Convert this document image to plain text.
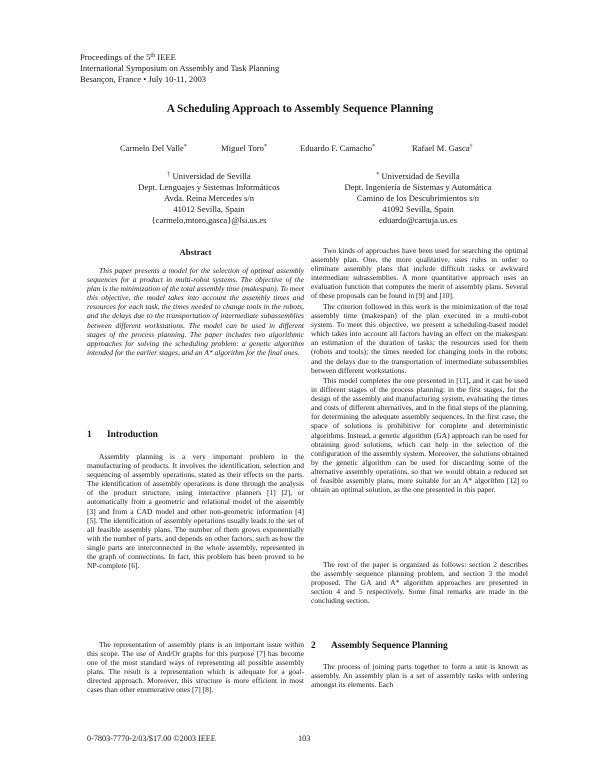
Proceedings of the 5th IEEE
International Symposium on Assembly and Task Planning
Besançon, France • July 10-11, 2003
A Scheduling Approach to Assembly Sequence Planning
Carmelo Del Valle*	Miguel Toro*	Eduardo F. Camacho*	Rafael M. Gasca†
† Universidad de Sevilla
Dept. Lenguajes y Sistemas Informáticos
Avda. Reina Mercedes s/n
41012 Sevilla, Spain
{carmelo,mtoro,gasca}@lsi.us.es
* Universidad de Sevilla
Dept. Ingeniería de Sistemas y Automática
Camino de los Descubrimientos s/n
41092 Sevilla, Spain
eduardo@cartuja.us.es
Abstract

This paper presents a model for the selection of optimal assembly sequences for a product in multi-robot systems. The objective of the plan is the minimization of the total assembly time (makespan). To meet this objective, the model takes into account the assembly times and resources for each task, the times needed to change tools in the robots, and the delays due to the transportation of intermediate subassemblies between different workstations. The model can be used in different stages of the process planning. The paper includes two algorithmic approaches for solving the scheduling problem: a genetic algorithm intended for the earlier stages, and an A* algorithm for the final ones.

1 Introduction

Assembly planning is a very important problem in the manufacturing of products. It involves the identification, selection and sequencing of assembly operations, stated as their effects on the parts. The identification of assembly operations is done through the analysis of the product structure, using interactive planners [1] [2], or automatically from a geometric and relational model of the assembly [3] and from a CAD model and other non-geometric information [4] [5]. The identification of assembly operations usually leads to the set of all feasible assembly plans. The number of them grows exponentially with the number of parts, and depends on other factors, such as how the single parts are interconnected in the whole assembly, represented in the graph of connections. In fact, this problem has been proved to be NP-complete [6].

The representation of assembly plans is an important issue within this scope. The use of And/Or graphs for this purpose [7] has become one of the most standard ways of representing all possible assembly plans. The result is a representation which is adequate for a goal-directed approach. Moreover, this structure is more efficient in most cases than other enumerative ones [7] [8].

Two kinds of approaches have been used for searching the optimal assembly plan. One, the more qualitative, uses rules in order to eliminate assembly plans that include difficult tasks or awkward intermediate subassemblies. A more quantitative approach uses an evaluation function that computes the merit of assembly plans. Several of these proposals can be found in [9] and [10].

The criterion followed in this work is the minimization of the total assembly time (makespan) of the plan executed in a multi-robot system. To meet this objective, we present a scheduling-based model which takes into account all factors having an effect on the makespan: an estimation of the duration of tasks; the resources used for them (robots and tools); the times needed for changing tools in the robots; and the delays due to the transportation of intermediate subassemblies between different workstations.

This model completes the one presented in [11], and it can be used in different stages of the process planning: in the first stages, for the design of the assembly and manufacturing system, evaluating the times and costs of different alternatives, and in the final steps of the planning, for determining the adequate assembly sequences. In the first case, the space of solutions is prohibitive for complete and deterministic algorithms. Instead, a genetic algorithm (GA) approach can be used for obtaining good solutions, which can help in the selection of the configuration of the assembly system. Moreover, the solutions obtained by the genetic algorithm can be used for discarding some of the alternative assembly operations, so that we would obtain a reduced set of feasible assembly plans, more suitable for an A* algorithm [12] to obtain an optimal solution, as the one presented in this paper.

The rest of the paper is organized as follows: section 2 describes the assembly sequence planning problem, and section 3 the model proposed. The GA and A* algorithm approaches are presented in section 4 and 5 respectively. Some final remarks are made in the concluding section.

2 Assembly Sequence Planning

The process of joining parts together to form a unit is known as assembly. An assembly plan is a set of assembly tasks with ordering amongst its elements. Each

0-7803-7770-2/03/$17.00 ©2003 IEEE	103
